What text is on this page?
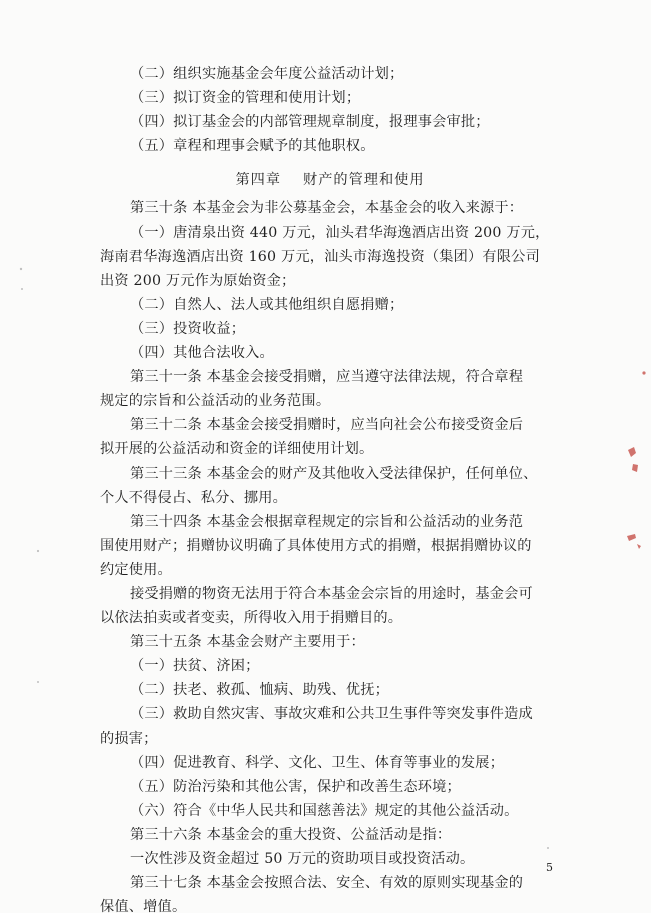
（二）组织实施基金会年度公益活动计划；

（三）拟订资金的管理和使用计划；

（四）拟订基金会的内部管理规章制度，报理事会审批；

（五）章程和理事会赋予的其他职权。

第四章 财产的管理和使用

第三十条 本基金会为非公募基金会，本基金会的收入来源于：

（一）唐清泉出资 440 万元，汕头君华海逸酒店出资 200 万元，

海南君华海逸酒店出资 160 万元，汕头市海逸投资（集团）有限公司

出资 200 万元作为原始资金；

（二）自然人、法人或其他组织自愿捐赠；

（三）投资收益；

（四）其他合法收入。

第三十一条 本基金会接受捐赠，应当遵守法律法规，符合章程

规定的宗旨和公益活动的业务范围。

第三十二条 本基金会接受捐赠时，应当向社会公布接受资金后

拟开展的公益活动和资金的详细使用计划。

第三十三条 本基金会的财产及其他收入受法律保护，任何单位、

个人不得侵占、私分、挪用。

第三十四条 本基金会根据章程规定的宗旨和公益活动的业务范

围使用财产；捐赠协议明确了具体使用方式的捐赠，根据捐赠协议的

约定使用。

接受捐赠的物资无法用于符合本基金会宗旨的用途时，基金会可

以依法拍卖或者变卖，所得收入用于捐赠目的。

第三十五条 本基金会财产主要用于：

（一）扶贫、济困；

（二）扶老、救孤、恤病、助残、优抚；

（三）救助自然灾害、事故灾难和公共卫生事件等突发事件造成

的损害；

（四）促进教育、科学、文化、卫生、体育等事业的发展；

（五）防治污染和其他公害，保护和改善生态环境；

（六）符合《中华人民共和国慈善法》规定的其他公益活动。

第三十六条 本基金会的重大投资、公益活动是指：

一次性涉及资金超过 50 万元的资助项目或投资活动。

第三十七条 本基金会按照合法、安全、有效的原则实现基金的

保值、增值。

5
